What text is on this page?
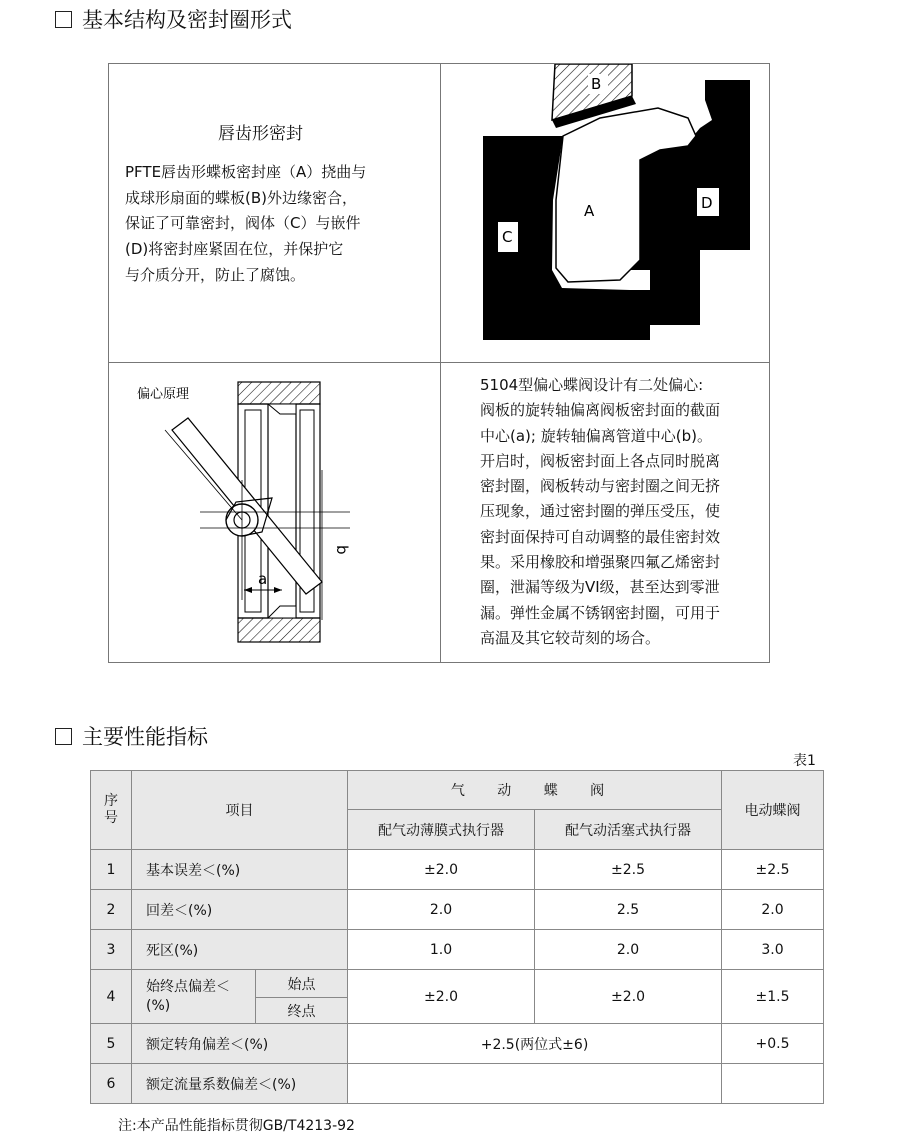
基本结构及密封圈形式
唇齿形密封
PFTE唇齿形蝶板密封座（A）挠曲与
成球形扇面的蝶板(B)外边缘密合，
保证了可靠密封，阀体（C）与嵌件
(D)将密封座紧固在位，并保护它
与介质分开，防止了腐蚀。
B
A
C
D
偏心原理
a
b
5104型偏心蝶阀设计有二处偏心:
阀板的旋转轴偏离阀板密封面的截面
中心(a); 旋转轴偏离管道中心(b)。
开启时，阀板密封面上各点同时脱离
密封圈，阀板转动与密封圈之间无挤
压现象，通过密封圈的弹压受压，使
密封面保持可自动调整的最佳密封效
果。采用橡胶和增强聚四氟乙烯密封
圈，泄漏等级为VI级，甚至达到零泄
漏。弹性金属不锈钢密封圈，可用于
高温及其它较苛刻的场合。
主要性能指标
表1
序号	项目		气 动 蝶 阀		电动蝶阀
			配气动薄膜式执行器	配气动活塞式执行器	
1	基本误差＜(%)		±2.0	±2.5	±2.5
2	回差＜(%)		2.0	2.5	2.0
3	死区(%)		1.0	2.0	3.0
4	始终点偏差＜(%)	始点	±2.0	±2.0	±1.5
		终点			
5	额定转角偏差＜(%)		+2.5(两位式±6)		+0.5
6	额定流量系数偏差＜(%)				
注:本产品性能指标贯彻GB/T4213-92
